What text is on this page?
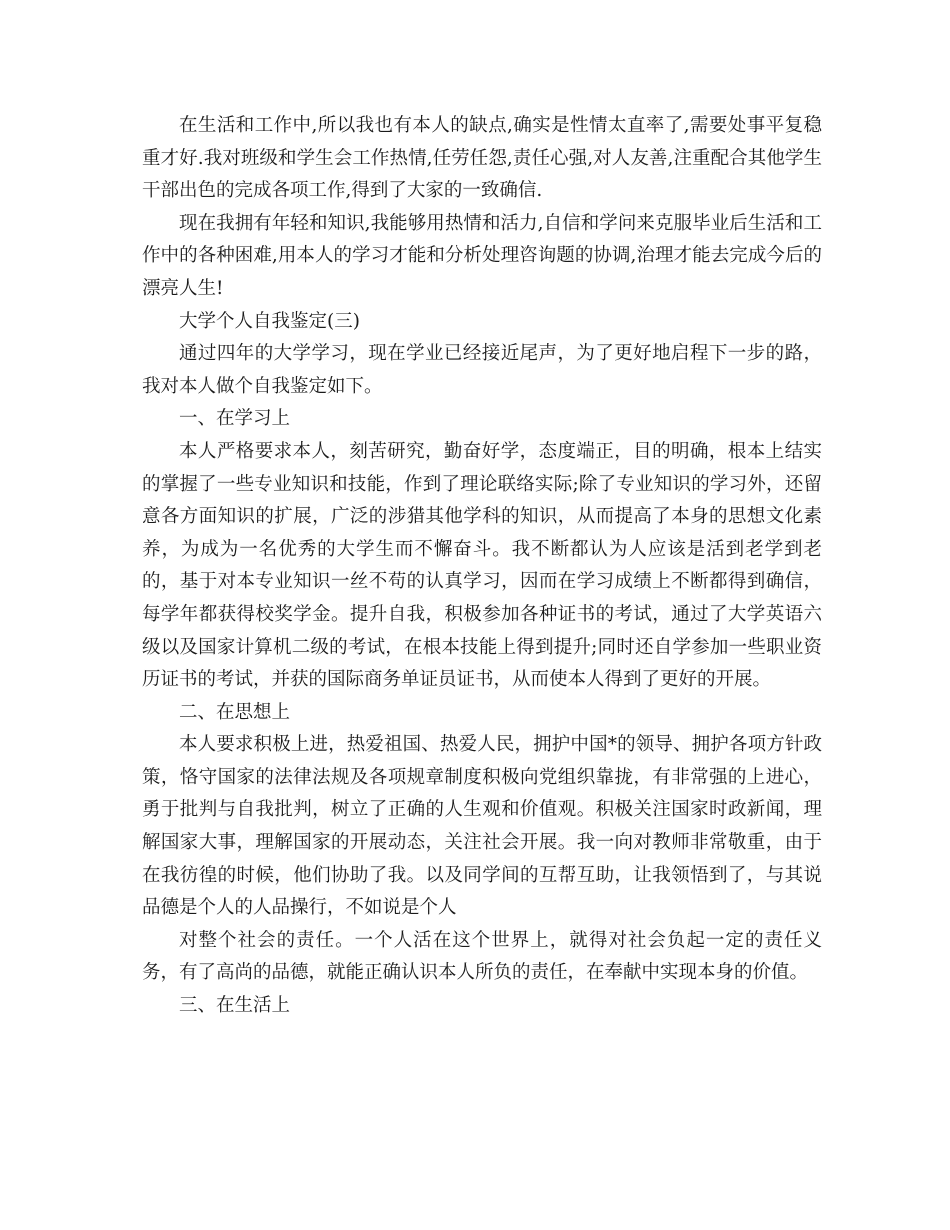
在生活和工作中,所以我也有本人的缺点,确实是性情太直率了,需要处事平复稳重才好.我对班级和学生会工作热情,任劳任怨,责任心强,对人友善,注重配合其他学生干部出色的完成各项工作,得到了大家的一致确信.

现在我拥有年轻和知识,我能够用热情和活力,自信和学问来克服毕业后生活和工作中的各种困难,用本人的学习才能和分析处理咨询题的协调,治理才能去完成今后的漂亮人生!

大学个人自我鉴定(三)

通过四年的大学学习，现在学业已经接近尾声，为了更好地启程下一步的路，我对本人做个自我鉴定如下。

一、在学习上

本人严格要求本人，刻苦研究，勤奋好学，态度端正，目的明确，根本上结实的掌握了一些专业知识和技能，作到了理论联络实际;除了专业知识的学习外，还留意各方面知识的扩展，广泛的涉猎其他学科的知识，从而提高了本身的思想文化素养，为成为一名优秀的大学生而不懈奋斗。我不断都认为人应该是活到老学到老的，基于对本专业知识一丝不苟的认真学习，因而在学习成绩上不断都得到确信，每学年都获得校奖学金。提升自我，积极参加各种证书的考试，通过了大学英语六级以及国家计算机二级的考试，在根本技能上得到提升;同时还自学参加一些职业资历证书的考试，并获的国际商务单证员证书，从而使本人得到了更好的开展。

二、在思想上

本人要求积极上进，热爱祖国、热爱人民，拥护中国*的领导、拥护各项方针政策，恪守国家的法律法规及各项规章制度积极向党组织靠拢，有非常强的上进心，勇于批判与自我批判，树立了正确的人生观和价值观。积极关注国家时政新闻，理解国家大事，理解国家的开展动态，关注社会开展。我一向对教师非常敬重，由于在我彷徨的时候，他们协助了我。以及同学间的互帮互助，让我领悟到了，与其说品德是个人的人品操行，不如说是个人

对整个社会的责任。一个人活在这个世界上，就得对社会负起一定的责任义务，有了高尚的品德，就能正确认识本人所负的责任，在奉献中实现本身的价值。

三、在生活上
